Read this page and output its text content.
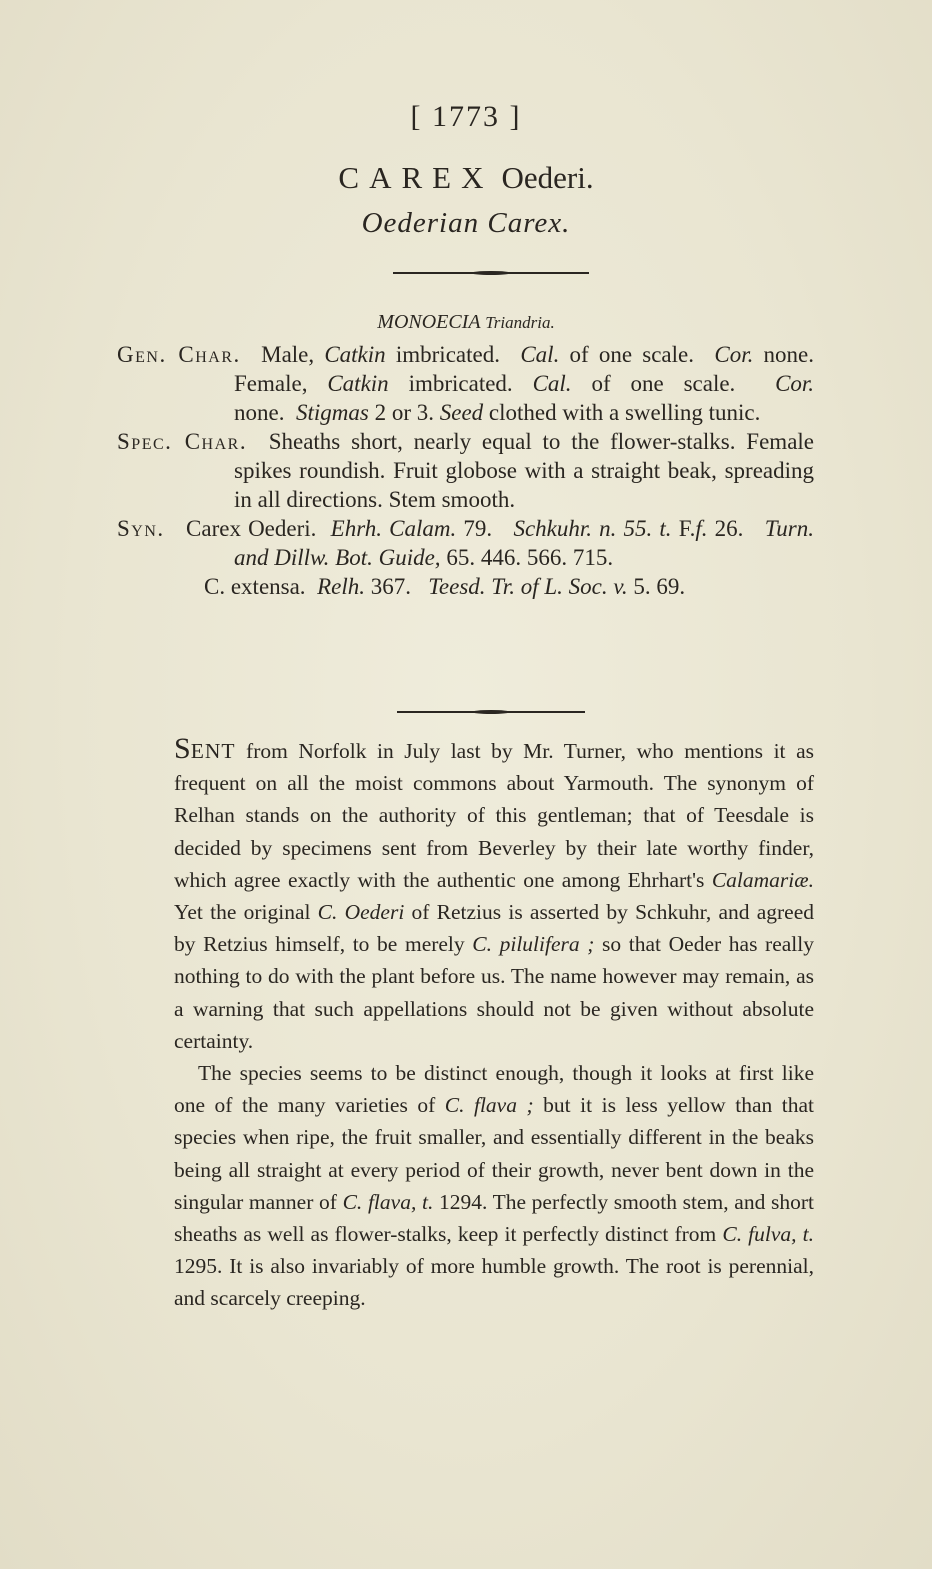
[ 1773 ]
CAREX Oederi.
Oederian Carex.
MONOECIA Triandria.

Gen. Char. Male, Catkin imbricated. Cal. of one scale. Cor. none. Female, Catkin imbricated. Cal. of one scale. Cor. none. Stigmas 2 or 3. Seed clothed with a swelling tunic.

Spec. Char. Sheaths short, nearly equal to the flower-stalks. Female spikes roundish. Fruit globose with a straight beak, spreading in all directions. Stem smooth.

Syn. Carex Oederi. Ehrh. Calam. 79. Schkuhr. n. 55. t. F.f. 26. Turn. and Dillw. Bot. Guide, 65. 446. 566. 715.

C. extensa. Relh. 367. Teesd. Tr. of L. Soc. v. 5. 69.

SENT from Norfolk in July last by Mr. Turner, who mentions it as frequent on all the moist commons about Yarmouth. The synonym of Relhan stands on the authority of this gentleman; that of Teesdale is decided by specimens sent from Beverley by their late worthy finder, which agree exactly with the authentic one among Ehrhart's Calamariæ. Yet the original C. Oederi of Retzius is asserted by Schkuhr, and agreed by Retzius himself, to be merely C. pilulifera ; so that Oeder has really nothing to do with the plant before us. The name however may remain, as a warning that such appellations should not be given without absolute certainty.

The species seems to be distinct enough, though it looks at first like one of the many varieties of C. flava ; but it is less yellow than that species when ripe, the fruit smaller, and essentially different in the beaks being all straight at every period of their growth, never bent down in the singular manner of C. flava, t. 1294. The perfectly smooth stem, and short sheaths as well as flower-stalks, keep it perfectly distinct from C. fulva, t. 1295. It is also invariably of more humble growth. The root is perennial, and scarcely creeping.
